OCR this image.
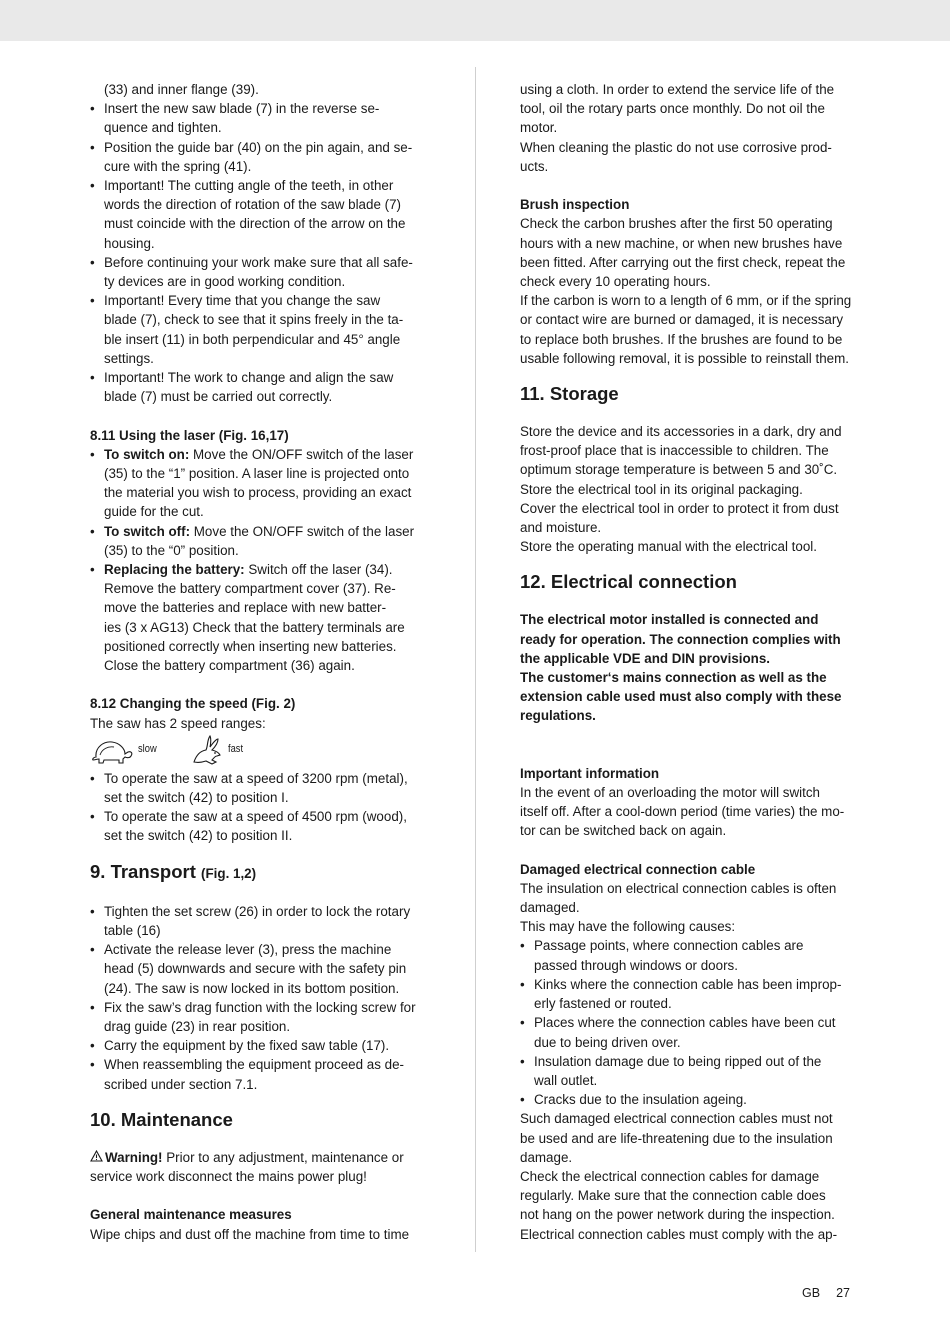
(33) and inner flange (39).

• Insert the new saw blade (7) in the reverse se-
quence and tighten.
• Position the guide bar (40) on the pin again, and se-
cure with the spring (41).
• Important! The cutting angle of the teeth, in other
words the direction of rotation of the saw blade (7)
must coincide with the direction of the arrow on the
housing.
• Before continuing your work make sure that all safe-
ty devices are in good working condition.
• Important! Every time that you change the saw
blade (7), check to see that it spins freely in the ta-
ble insert (11) in both perpendicular and 45° angle
settings.
• Important! The work to change and align the saw
blade (7) must be carried out correctly.

8.11 Using the laser (Fig. 16,17)

• To switch on: Move the ON/OFF switch of the laser
(35) to the “1” position. A laser line is projected onto
the material you wish to process, providing an exact
guide for the cut.
• To switch off: Move the ON/OFF switch of the laser
(35) to the “0” position.
• Replacing the battery: Switch off the laser (34).
Remove the battery compartment cover (37). Re-
move the batteries and replace with new batter-
ies (3 x AG13) Check that the battery terminals are
positioned correctly when inserting new batteries.
Close the battery compartment (36) again.

8.12 Changing the speed (Fig. 2)

The saw has 2 speed ranges:

slow	fast
• To operate the saw at a speed of 3200 rpm (metal),
set the switch (42) to position I.
• To operate the saw at a speed of 4500 rpm (wood),
set the switch (42) to position II.
9. Transport (Fig. 1,2)
• Tighten the set screw (26) in order to lock the rotary
table (16)
• Activate the release lever (3), press the machine
head (5) downwards and secure with the safety pin
(24). The saw is now locked in its bottom position.
• Fix the saw’s drag function with the locking screw for
drag guide (23) in rear position.
• Carry the equipment by the fixed saw table (17).
• When reassembling the equipment proceed as de-
scribed under section 7.1.
10. Maintenance

Warning! Prior to any adjustment, maintenance or
service work disconnect the mains power plug!

General maintenance measures

Wipe chips and dust off the machine from time to time

using a cloth. In order to extend the service life of the
tool, oil the rotary parts once monthly. Do not oil the
motor.
When cleaning the plastic do not use corrosive prod-
ucts.

Brush inspection

Check the carbon brushes after the first 50 operating
hours with a new machine, or when new brushes have
been fitted. After carrying out the first check, repeat the
check every 10 operating hours.
If the carbon is worn to a length of 6 mm, or if the spring
or contact wire are burned or damaged, it is necessary
to replace both brushes. If the brushes are found to be
usable following removal, it is possible to reinstall them.

11. Storage

Store the device and its accessories in a dark, dry and
frost-proof place that is inaccessible to children. The
optimum storage temperature is between 5 and 30˚C.
Store the electrical tool in its original packaging.
Cover the electrical tool in order to protect it from dust
and moisture.
Store the operating manual with the electrical tool.

12. Electrical connection

The electrical motor installed is connected and
ready for operation. The connection complies with
the applicable VDE and DIN provisions.
The customer‘s mains connection as well as the
extension cable used must also comply with these
regulations.

Important information

In the event of an overloading the motor will switch
itself off. After a cool-down period (time varies) the mo-
tor can be switched back on again.

Damaged electrical connection cable

The insulation on electrical connection cables is often
damaged.
This may have the following causes:

• Passage points, where connection cables are
passed through windows or doors.
• Kinks where the connection cable has been improp-
erly fastened or routed.
• Places where the connection cables have been cut
due to being driven over.
• Insulation damage due to being ripped out of the
wall outlet.
• Cracks due to the insulation ageing.

Such damaged electrical connection cables must not
be used and are life-threatening due to the insulation
damage.
Check the electrical connection cables for damage
regularly. Make sure that the connection cable does
not hang on the power network during the inspection.
Electrical connection cables must comply with the ap-

GB 27
